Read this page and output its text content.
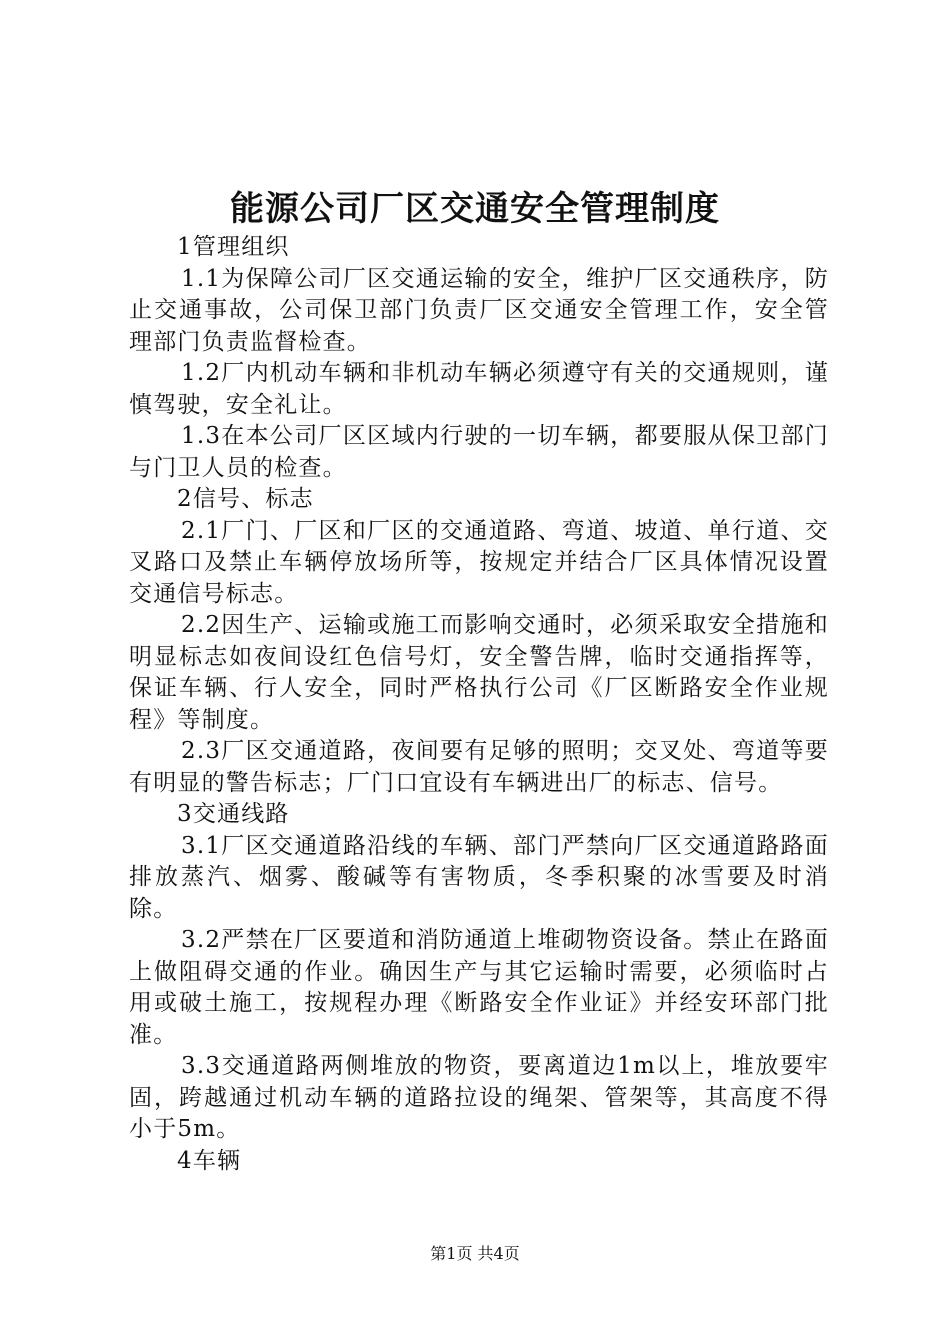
能源公司厂区交通安全管理制度

1管理组织

1.1为保障公司厂区交通运输的安全，维护厂区交通秩序，防止交通事故，公司保卫部门负责厂区交通安全管理工作，安全管理部门负责监督检查。

1.2厂内机动车辆和非机动车辆必须遵守有关的交通规则，谨慎驾驶，安全礼让。

1.3在本公司厂区区域内行驶的一切车辆，都要服从保卫部门与门卫人员的检查。

2信号、标志

2.1厂门、厂区和厂区的交通道路、弯道、坡道、单行道、交叉路口及禁止车辆停放场所等，按规定并结合厂区具体情况设置交通信号标志。

2.2因生产、运输或施工而影响交通时，必须采取安全措施和明显标志如夜间设红色信号灯，安全警告牌，临时交通指挥等，保证车辆、行人安全，同时严格执行公司《厂区断路安全作业规程》等制度。

2.3厂区交通道路，夜间要有足够的照明；交叉处、弯道等要有明显的警告标志；厂门口宜设有车辆进出厂的标志、信号。

3交通线路

3.1厂区交通道路沿线的车辆、部门严禁向厂区交通道路路面排放蒸汽、烟雾、酸碱等有害物质，冬季积聚的冰雪要及时消除。

3.2严禁在厂区要道和消防通道上堆砌物资设备。禁止在路面上做阻碍交通的作业。确因生产与其它运输时需要，必须临时占用或破土施工，按规程办理《断路安全作业证》并经安环部门批准。

3.3交通道路两侧堆放的物资，要离道边1m以上，堆放要牢固，跨越通过机动车辆的道路拉设的绳架、管架等，其高度不得小于5m。

4车辆

第1页 共4页
